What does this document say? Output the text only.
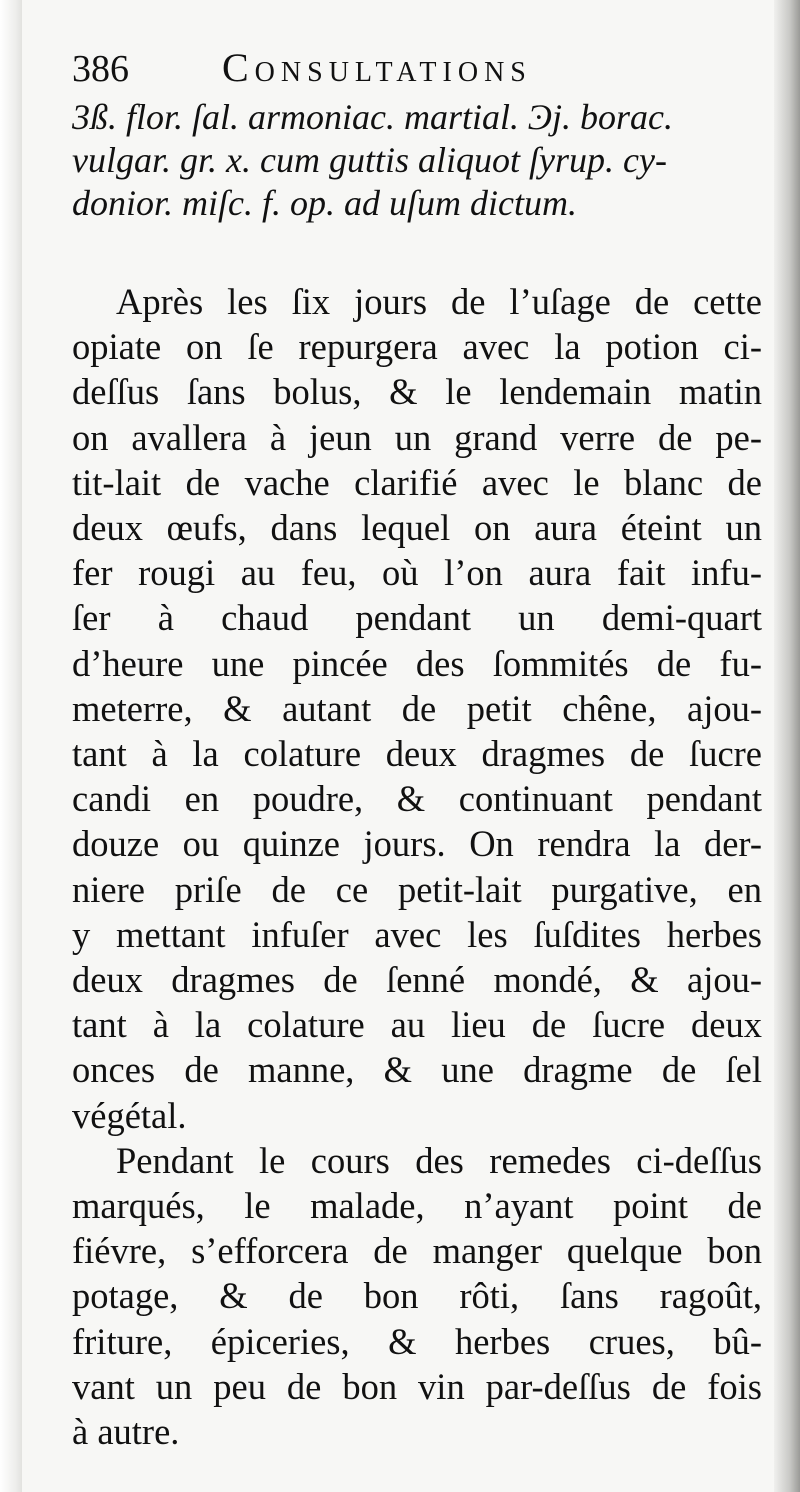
386	Consultations
3ß. flor. ſal. armoniac. martial. Ͽj. borac.
vulgar. gr. x. cum guttis aliquot ſyrup. cy-
donior. miſc. f. op. ad uſum dictum.
Après les ſix jours de l’uſage de cette
opiate on ſe repurgera avec la potion ci-
deſſus ſans bolus, & le lendemain matin
on avallera à jeun un grand verre de pe-
tit-lait de vache clarifié avec le blanc de
deux œufs, dans lequel on aura éteint un
fer rougi au feu, où l’on aura fait infu-
ſer à chaud pendant un demi-quart
d’heure une pincée des ſommités de fu-
meterre, & autant de petit chêne, ajou-
tant à la colature deux dragmes de ſucre
candi en poudre, & continuant pendant
douze ou quinze jours. On rendra la der-
niere priſe de ce petit-lait purgative, en
y mettant infuſer avec les ſuſdites herbes
deux dragmes de ſenné mondé, & ajou-
tant à la colature au lieu de ſucre deux
onces de manne, & une dragme de ſel
végétal.
Pendant le cours des remedes ci-deſſus
marqués, le malade, n’ayant point de
fiévre, s’efforcera de manger quelque bon
potage, & de bon rôti, ſans ragoût,
friture, épiceries, & herbes crues, bû-
vant un peu de bon vin par-deſſus de fois
à autre.
